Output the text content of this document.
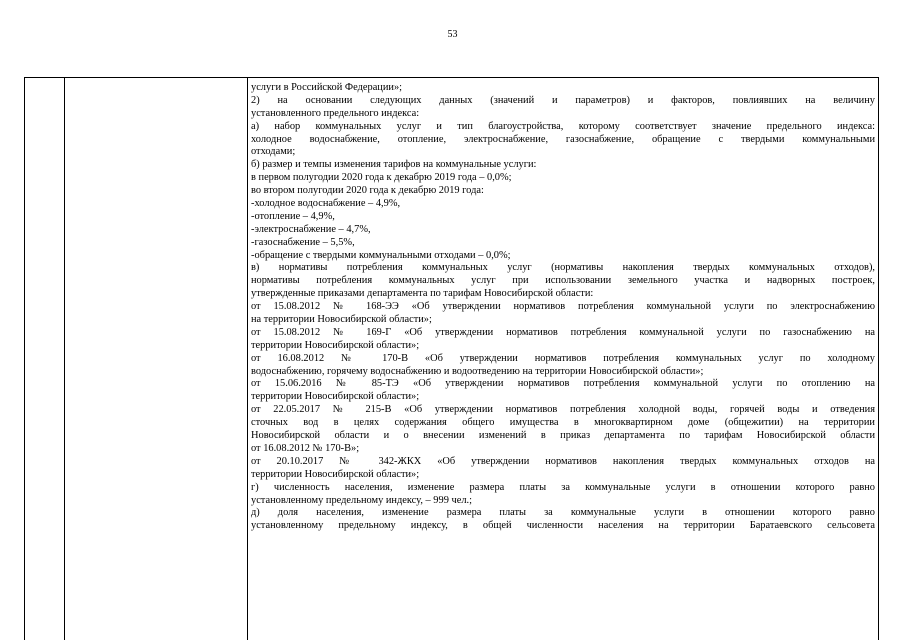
53
услуги в Российской Федерации»;
2) на основании следующих данных (значений и параметров) и факторов, повлиявших на величину
установленного предельного индекса:
а) набор коммунальных услуг и тип благоустройства, которому соответствует значение предельного индекса:
холодное водоснабжение, отопление, электроснабжение, газоснабжение, обращение с твердыми коммунальными
отходами;
б) размер и темпы изменения тарифов на коммунальные услуги:
в первом полугодии 2020 года к декабрю 2019 года – 0,0%;
во втором полугодии 2020 года к декабрю 2019 года:
-холодное водоснабжение – 4,9%,
-отопление – 4,9%,
-электроснабжение – 4,7%,
-газоснабжение – 5,5%,
-обращение с твердыми коммунальными отходами – 0,0%;
в) нормативы потребления коммунальных услуг (нормативы накопления твердых коммунальных отходов),
нормативы потребления коммунальных услуг при использовании земельного участка и надворных построек,
утвержденные приказами департамента по тарифам Новосибирской области:
от 15.08.2012 № 168-ЭЭ «Об утверждении нормативов потребления коммунальной услуги по электроснабжению
на территории Новосибирской области»;
от 15.08.2012 № 169-Г «Об утверждении нормативов потребления коммунальной услуги по газоснабжению на
территории Новосибирской области»;
от 16.08.2012 № 170-В «Об утверждении нормативов потребления коммунальных услуг по холодному
водоснабжению, горячему водоснабжению и водоотведению на территории Новосибирской области»;
от 15.06.2016 № 85-ТЭ «Об утверждении нормативов потребления коммунальной услуги по отоплению на
территории Новосибирской области»;
от 22.05.2017 № 215-В «Об утверждении нормативов потребления холодной воды, горячей воды и отведения
сточных вод в целях содержания общего имущества в многоквартирном доме (общежитии) на территории
Новосибирской области и о внесении изменений в приказ департамента по тарифам Новосибирской области
от 16.08.2012 № 170-В»;
от 20.10.2017 № 342-ЖКХ «Об утверждении нормативов накопления твердых коммунальных отходов на
территории Новосибирской области»;
г) численность населения, изменение размера платы за коммунальные услуги в отношении которого равно
установленному предельному индексу, – 999 чел.;
д) доля населения, изменение размера платы за коммунальные услуги в отношении которого равно
установленному предельному индексу, в общей численности населения на территории Баратаевского сельсовета
